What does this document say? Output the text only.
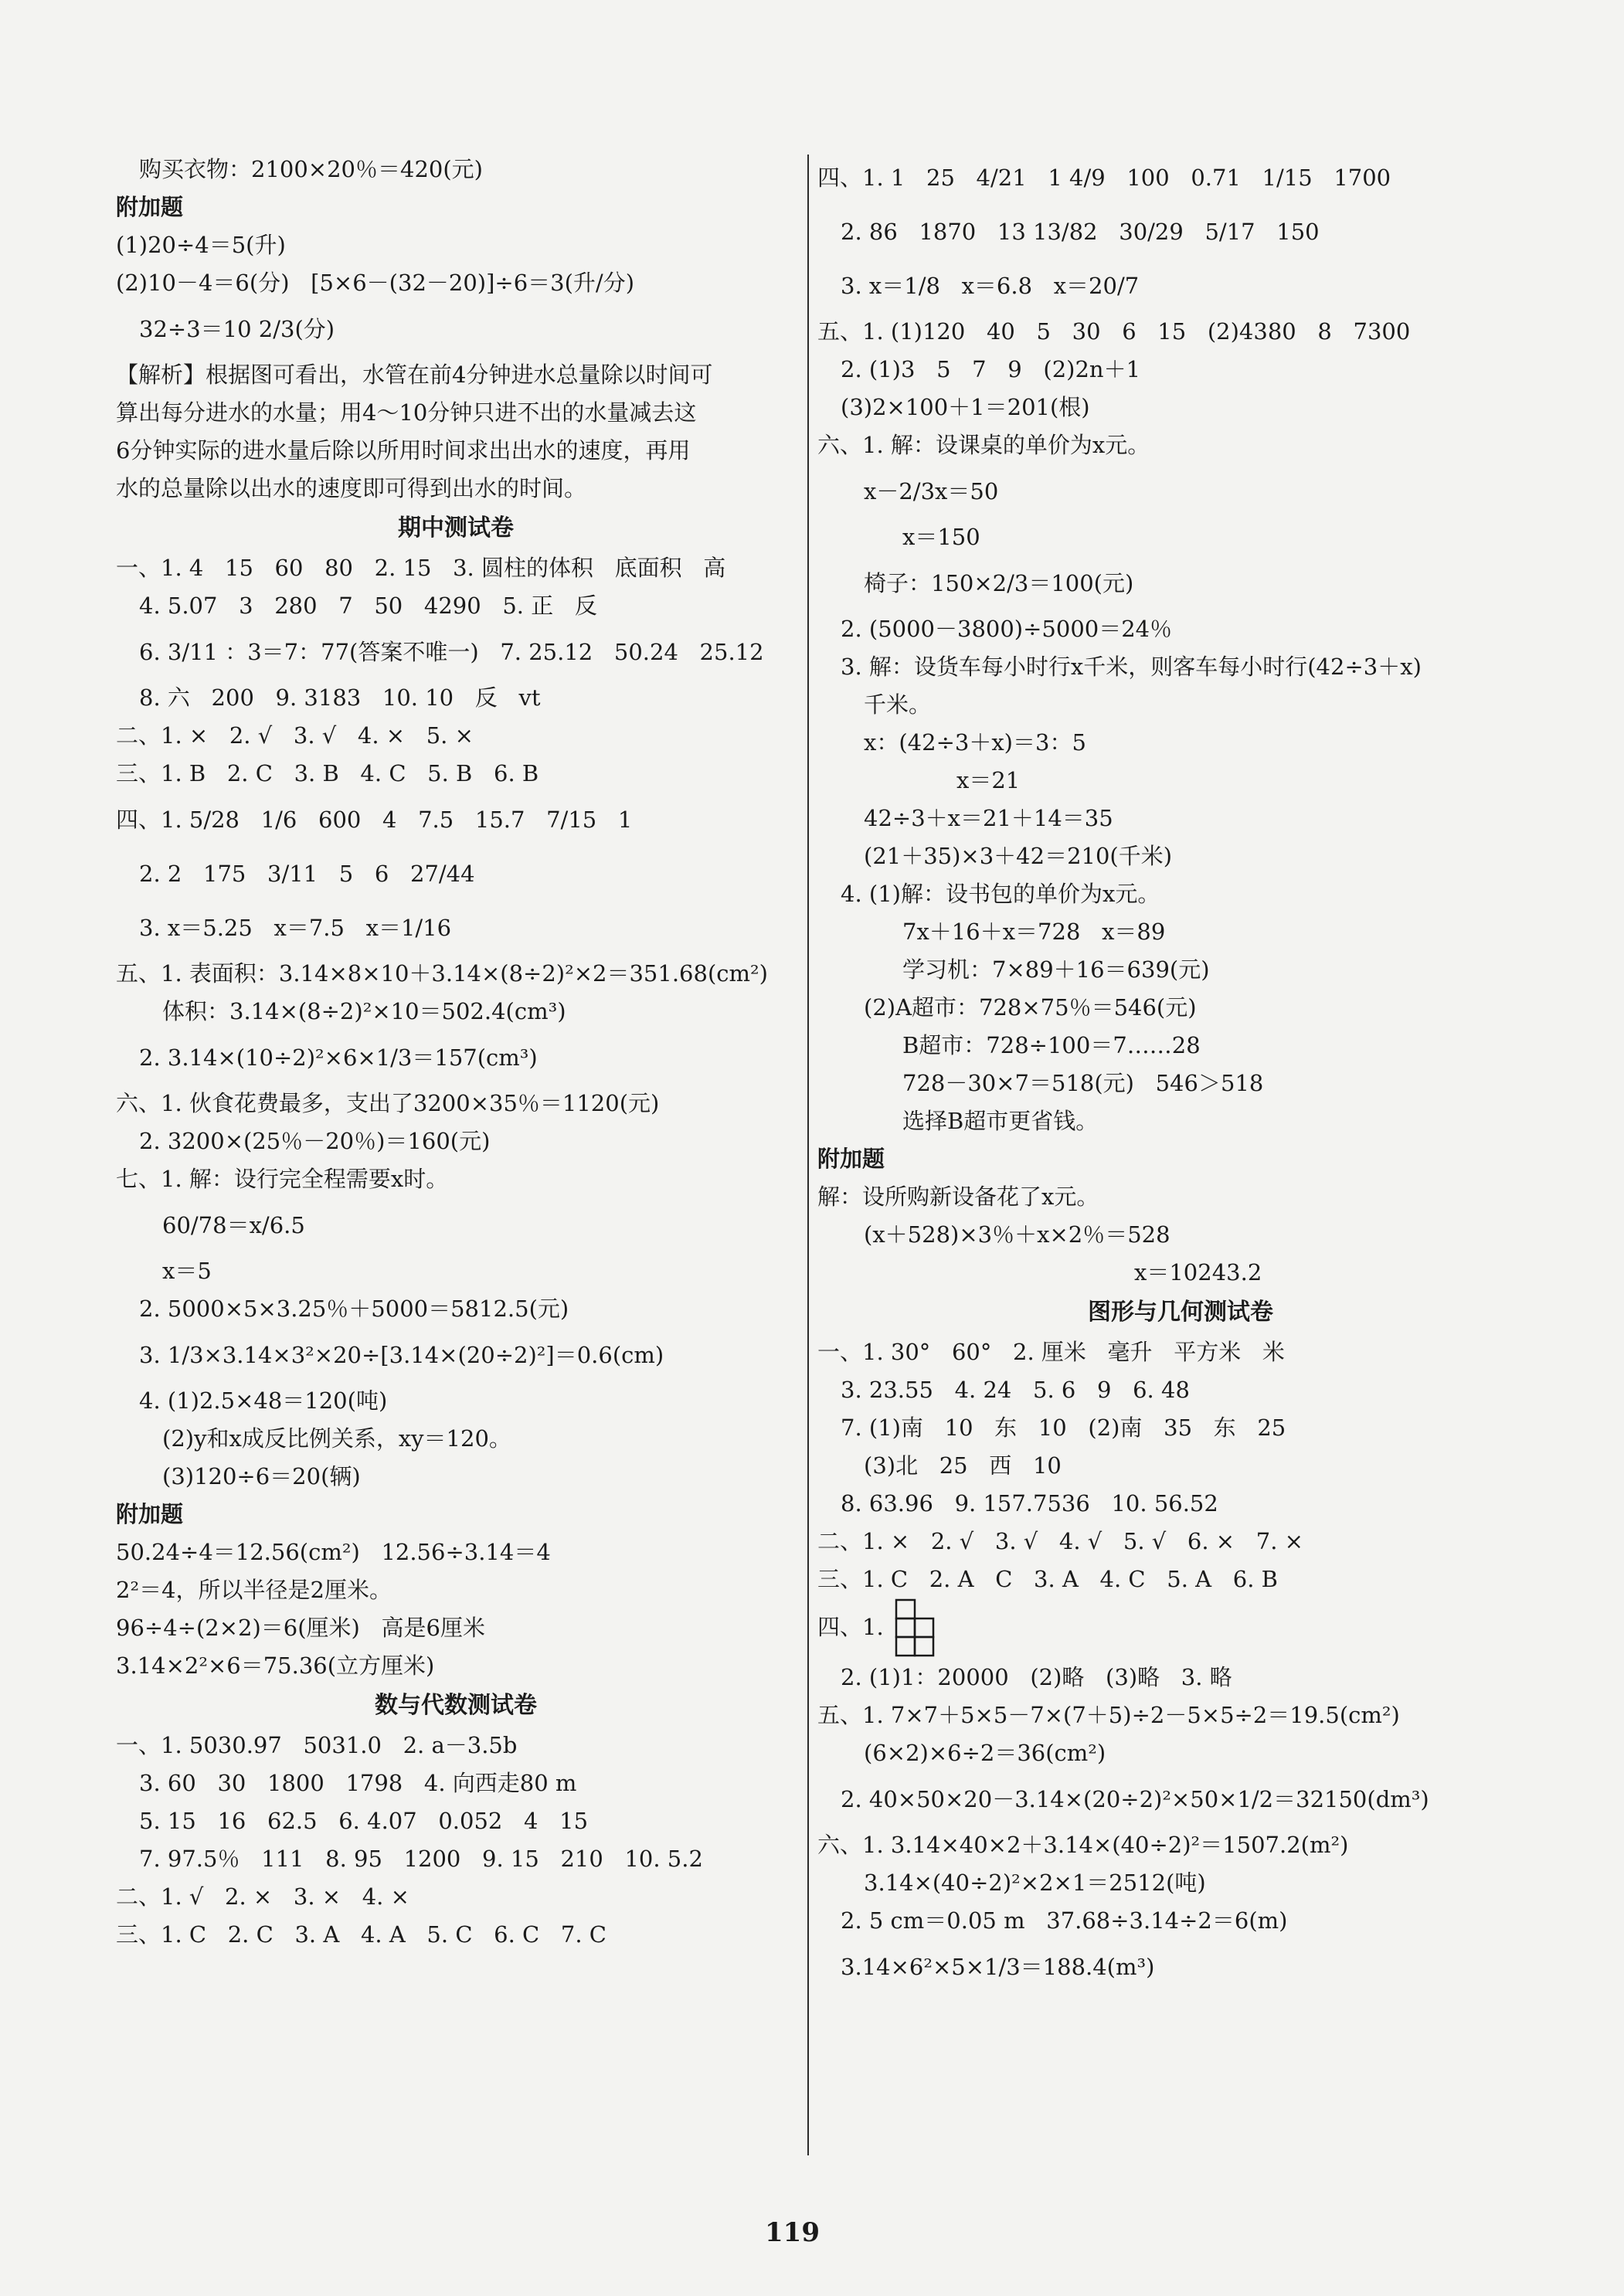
购买衣物：2100×20％＝420(元)
附加题
(1)20÷4＝5(升)
(2)10－4＝6(分)   [5×6－(32－20)]÷6＝3(升/分)
32÷3＝10 2/3(分)
【解析】根据图可看出，水管在前4分钟进水总量除以时间可
算出每分进水的水量；用4～10分钟只进不出的水量减去这
6分钟实际的进水量后除以所用时间求出出水的速度，再用
水的总量除以出水的速度即可得到出水的时间。
期中测试卷
一、1. 4   15   60   80   2. 15   3. 圆柱的体积   底面积   高
4. 5.07   3   280   7   50   4290   5. 正   反
6. 3/11 ：3＝7：77(答案不唯一)   7. 25.12   50.24   25.12
8. 六   200   9. 3183   10. 10   反   vt
二、1. ×   2. √   3. √   4. ×   5. ×
三、1. B   2. C   3. B   4. C   5. B   6. B
四、1. 5/28   1/6   600   4   7.5   15.7   7/15   1
2. 2   175   3/11   5   6   27/44
3. x＝5.25   x＝7.5   x＝1/16
五、1. 表面积：3.14×8×10＋3.14×(8÷2)²×2＝351.68(cm²)
体积：3.14×(8÷2)²×10＝502.4(cm³)
2. 3.14×(10÷2)²×6×1/3＝157(cm³)
六、1. 伙食花费最多，支出了3200×35％＝1120(元)
2. 3200×(25％－20％)＝160(元)
七、1. 解：设行完全程需要x时。
60/78＝x/6.5
x＝5
2. 5000×5×3.25％＋5000＝5812.5(元)
3. 1/3×3.14×3²×20÷[3.14×(20÷2)²]＝0.6(cm)
4. (1)2.5×48＝120(吨)
(2)y和x成反比例关系，xy＝120。
(3)120÷6＝20(辆)
附加题
50.24÷4＝12.56(cm²)   12.56÷3.14＝4
2²＝4，所以半径是2厘米。
96÷4÷(2×2)＝6(厘米)   高是6厘米
3.14×2²×6＝75.36(立方厘米)
数与代数测试卷
一、1. 5030.97   5031.0   2. a－3.5b
3. 60   30   1800   1798   4. 向西走80 m
5. 15   16   62.5   6. 4.07   0.052   4   15
7. 97.5％   111   8. 95   1200   9. 15   210   10. 5.2
二、1. √   2. ×   3. ×   4. ×
三、1. C   2. C   3. A   4. A   5. C   6. C   7. C
四、1. 1   25   4/21   1 4/9   100   0.71   1/15   1700
2. 86   1870   13 13/82   30/29   5/17   150
3. x＝1/8   x＝6.8   x＝20/7
五、1. (1)120   40   5   30   6   15   (2)4380   8   7300
2. (1)3   5   7   9   (2)2n＋1
(3)2×100＋1＝201(根)
六、1. 解：设课桌的单价为x元。
x－2/3x＝50
x＝150
椅子：150×2/3＝100(元)
2. (5000－3800)÷5000＝24％
3. 解：设货车每小时行x千米，则客车每小时行(42÷3＋x)
千米。
x：(42÷3＋x)＝3：5
x＝21
42÷3＋x＝21＋14＝35
(21＋35)×3＋42＝210(千米)
4. (1)解：设书包的单价为x元。
7x＋16＋x＝728   x＝89
学习机：7×89＋16＝639(元)
(2)A超市：728×75％＝546(元)
B超市：728÷100＝7……28
728－30×7＝518(元)   546＞518
选择B超市更省钱。
附加题
解：设所购新设备花了x元。
(x＋528)×3％＋x×2％＝528
x＝10243.2
图形与几何测试卷
一、1. 30°   60°   2. 厘米   毫升   平方米   米
3. 23.55   4. 24   5. 6   9   6. 48
7. (1)南   10   东   10   (2)南   35   东   25
(3)北   25   西   10
8. 63.96   9. 157.7536   10. 56.52
二、1. ×   2. √   3. √   4. √   5. √   6. ×   7. ×
三、1. C   2. A   C   3. A   4. C   5. A   6. B
四、1.
2. (1)1：20000   (2)略   (3)略   3. 略
五、1. 7×7＋5×5－7×(7＋5)÷2－5×5÷2＝19.5(cm²)
(6×2)×6÷2＝36(cm²)
2. 40×50×20－3.14×(20÷2)²×50×1/2＝32150(dm³)
六、1. 3.14×40×2＋3.14×(40÷2)²＝1507.2(m²)
3.14×(40÷2)²×2×1＝2512(吨)
2. 5 cm＝0.05 m   37.68÷3.14÷2＝6(m)
3.14×6²×5×1/3＝188.4(m³)
119
